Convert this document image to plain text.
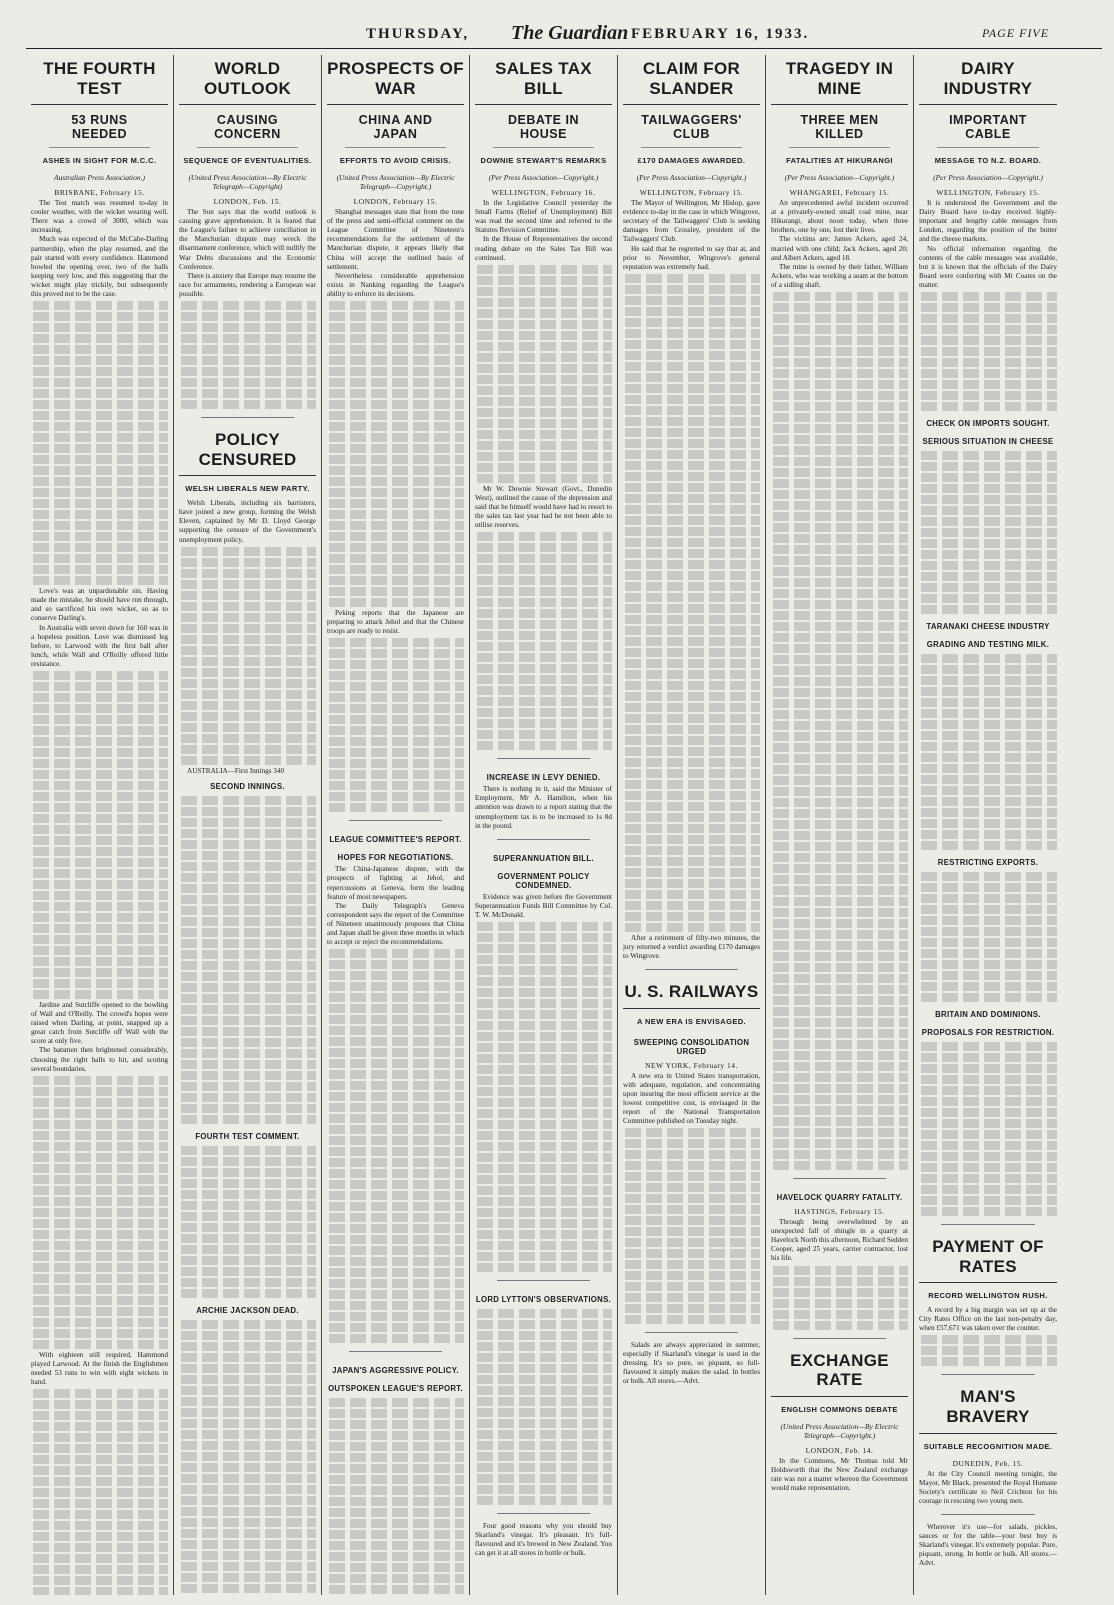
THURSDAY, The Guardian FEBRUARY 16, 1933.	PAGE FIVE
THE FOURTH TEST
53 RUNS NEEDED
ASHES IN SIGHT FOR M.C.C.
Australian Press Association.)
BRISBANE, February 15.

The Test match was resumed to-day in cooler weather, with the wicket wearing well. There was a crowd of 3000, which was increasing.

Much was expected of the McCabe-Darling partnership, when the play resumed, and the pair started with every confidence. Hammond bowled the opening over, two of the balls keeping very low, and this suggesting that the wicket might play trickily, but subsequently this proved not to be the case.

Love's was an unpardonable sin. Having made the mistake, he should have run through, and so sacrificed his own wicket, so as to conserve Darling's.

In Australia with seven down for 160 was in a hopeless position. Love was dismissed leg before, to Larwood with the first ball after lunch, while Wall and O'Reilly offered little resistance.

Jardine and Sutcliffe opened to the bowling of Wall and O'Reilly. The crowd's hopes were raised when Darling, at point, snapped up a great catch from Sutcliffe off Wall with the score at only five.

The batsmen then brightened considerably, choosing the right balls to hit, and scoring several boundaries.

With eighteen still required, Hammond played Larwood. At the finish the Englishmen needed 53 runs to win with eight wickets in hand.

WORLD OUTLOOK
CAUSING CONCERN
SEQUENCE OF EVENTUALITIES.
(United Press Association—By Electric Telegraph—Copyright)
LONDON, Feb. 15.

The Sun says that the world outlook is causing grave apprehension. It is feared that the League's failure to achieve conciliation in the Manchurian dispute may wreck the disarmament conference, which will nullify the War Debts discussions and the Economic Conference.

There is anxiety that Europe may resume the race for armaments, rendering a European war possible.

POLICY CENSURED
WELSH LIBERALS NEW PARTY.

Welsh Liberals, including six barristers, have joined a new group, forming the Welsh Eleven, captained by Mr D. Lloyd George supporting the censure of the Government's unemployment policy.

AUSTRALIA—First Innings 340

SECOND INNINGS.
FOURTH TEST COMMENT.
ARCHIE JACKSON DEAD.
PROSPECTS OF WAR
CHINA AND JAPAN
EFFORTS TO AVOID CRISIS.
(United Press Association—By Electric Telegraph—Copyright.)
LONDON, February 15.

Shanghai messages state that from the tone of the press and semi-official comment on the League Committee of Nineteen's recommendations for the settlement of the Manchurian dispute, it appears likely that China will accept the outlined basis of settlement.

Nevertheless considerable apprehension exists in Nanking regarding the League's ability to enforce its decisions.

Peking reports that the Japanese are preparing to attack Jehol and that the Chinese troops are ready to resist.

LEAGUE COMMITTEE'S REPORT.
HOPES FOR NEGOTIATIONS.

The China-Japanese dispute, with the prospects of fighting at Jehol, and repercussions at Geneva, form the leading feature of most newspapers.

The Daily Telegraph's Geneva correspondent says the report of the Committee of Nineteen unanimously proposes that China and Japan shall be given three months in which to accept or reject the recommendations.

JAPAN'S AGGRESSIVE POLICY.
OUTSPOKEN LEAGUE'S REPORT.
SALES TAX BILL
DEBATE IN HOUSE
DOWNIE STEWART'S REMARKS
(Per Press Association—Copyright.)
WELLINGTON, February 16.

In the Legislative Council yesterday the Small Farms (Relief of Unemployment) Bill was read the second time and referred to the Statutes Revision Committee.

In the House of Representatives the second reading debate on the Sales Tax Bill was continued.

Mr W. Downie Stewart (Govt., Dunedin West), outlined the cause of the depression and said that he himself would have had to resort to the sales tax last year had he not been able to utilise reserves.

INCREASE IN LEVY DENIED.

There is nothing in it, said the Minister of Employment, Mr A. Hamilton, when his attention was drawn to a report stating that the unemployment tax is to be increased to 1s 8d in the pound.

SUPERANNUATION BILL.
GOVERNMENT POLICY CONDEMNED.

Evidence was given before the Government Superannuation Funds Bill Committee by Col. T. W. McDonald.

LORD LYTTON'S OBSERVATIONS.

Four good reasons why you should buy Skarland's vinegar. It's pleasant. It's full-flavoured and it's brewed in New Zealand. You can get it at all stores in bottle or bulk.

CLAIM FOR SLANDER
TAILWAGGERS' CLUB
£170 DAMAGES AWARDED.
(Per Press Association—Copyright.)
WELLINGTON, February 15.

The Mayor of Wellington, Mr Hislop, gave evidence to-day in the case in which Wingrove, secretary of the Tailwaggers' Club is seeking damages from Crossley, president of the Tailwaggers' Club.

He said that he regretted to say that at, and prior to November, Wingrove's general reputation was extremely bad.

After a retirement of fifty-two minutes, the jury returned a verdict awarding £170 damages to Wingrove.

U. S. RAILWAYS
A NEW ERA IS ENVISAGED.
SWEEPING CONSOLIDATION URGED
NEW YORK, February 14.

A new era in United States transportation, with adequate, regulation, and concentrating upon insuring the most efficient service at the lowest competitive cost, is envisaged in the report of the National Transportation Committee published on Tuesday night.

Salads are always appreciated in summer, especially if Skarland's vinegar is used in the dressing. It's so pure, so piquant, so full-flavoured it simply makes the salad. In bottles or bulk. All stores.—Advt.

TRAGEDY IN MINE
THREE MEN KILLED
FATALITIES AT HIKURANGI
(Per Press Association—Copyright.)
WHANGAREI, February 15.

An unprecedented awful incident occurred at a privately-owned small coal mine, near Hikurangi, about noon today, when three brothers, one by one, lost their lives.

The victims are: James Ackers, aged 24, married with one child; Jack Ackers, aged 20; and Albert Ackers, aged 18.

The mine is owned by their father, William Ackers, who was working a seam at the bottom of a sidling shaft.

HAVELOCK QUARRY FATALITY.
HASTINGS, February 15.

Through being overwhelmed by an unexpected fall of shingle in a quarry at Havelock North this afternoon, Richard Sedden Cooper, aged 25 years, carrier contractor, lost his life.

EXCHANGE RATE
ENGLISH COMMONS DEBATE
(United Press Association—By Electric Telegraph—Copyright.)
LONDON, Feb. 14.

In the Commons, Mr Thomas told Mr Holdsworth that the New Zealand exchange rate was not a matter whereon the Government would make representation.

DAIRY INDUSTRY
IMPORTANT CABLE
MESSAGE TO N.Z. BOARD.
(Per Press Association—Copyright.)
WELLINGTON, February 15.

It is understood the Government and the Dairy Board have to-day received highly-important and lengthy cable messages from London, regarding the position of the butter and the cheese markets.

No official information regarding the contents of the cable messages was available, but it is known that the officials of the Dairy Board were conferring with Mr Coates on the matter.

CHECK ON IMPORTS SOUGHT.
SERIOUS SITUATION IN CHEESE
TARANAKI CHEESE INDUSTRY
GRADING AND TESTING MILK.
RESTRICTING EXPORTS.
BRITAIN AND DOMINIONS.
PROPOSALS FOR RESTRICTION.
PAYMENT OF RATES
RECORD WELLINGTON RUSH.

A record by a big margin was set up at the City Rates Office on the last non-penalty day, when £57,671 was taken over the counter.

MAN'S BRAVERY
SUITABLE RECOGNITION MADE.
DUNEDIN, Feb. 15.

At the City Council meeting tonight, the Mayor, Mr Black, presented the Royal Humane Society's certificate to Neil Crichton for his courage in rescuing two young men.

Wherever it's use—for salads, pickles, sauces or for the table—your best buy is Skarland's vinegar. It's extremely popular. Pure, piquant, strong. In bottle or bulk. All stores.—Advt.
